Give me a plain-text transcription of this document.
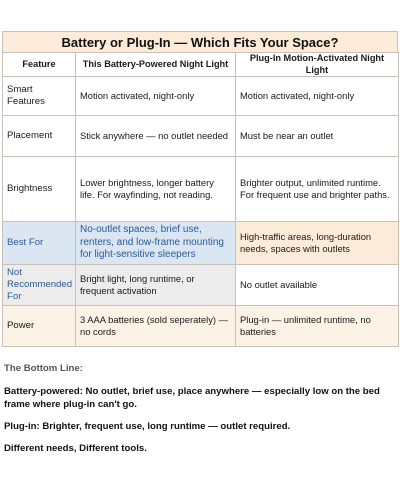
Battery or Plug-In — Which Fits Your Space?
Feature	This Battery-Powered Night Light	Plug-In Motion-Activated Night Light
Smart Features	Motion activated, night-only	Motion activated, night-only
Placement	Stick anywhere — no outlet needed	Must be near an outlet
Brightness	Lower brightness, longer battery life. For wayfinding, not reading.	Brighter output, unlimited runtime. For frequent use and brighter paths.
Best For	No-outlet spaces, brief use, renters, and low-frame mounting for light-sensitive sleepers	High-traffic areas, long-duration needs, spaces with outlets
Not Recommended For	Bright light, long runtime, or frequent activation	No outlet available
Power	3 AAA batteries (sold seperately) — no cords	Plug-in — unlimited runtime, no batteries
The Bottom Line:

Battery-powered: No outlet, brief use, place anywhere — especially low on the bed frame where plug-in can't go.

Plug-in: Brighter, frequent use, long runtime — outlet required.

Different needs, Different tools.
